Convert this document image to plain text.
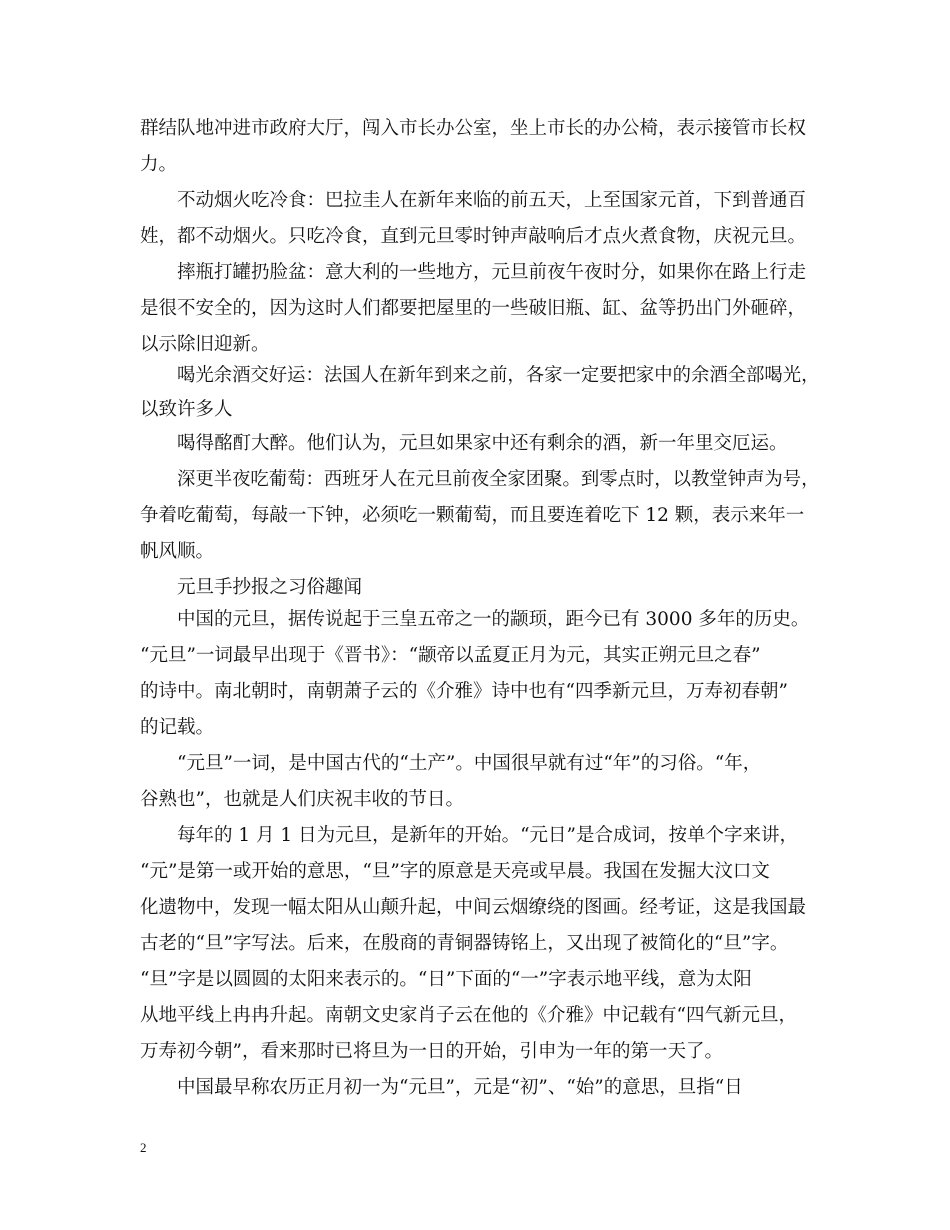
群结队地冲进市政府大厅，闯入市长办公室，坐上市长的办公椅，表示接管市长权
力。
不动烟火吃冷食：巴拉圭人在新年来临的前五天，上至国家元首，下到普通百
姓，都不动烟火。只吃冷食，直到元旦零时钟声敲响后才点火煮食物，庆祝元旦。
摔瓶打罐扔脸盆：意大利的一些地方，元旦前夜午夜时分，如果你在路上行走
是很不安全的，因为这时人们都要把屋里的一些破旧瓶、缸、盆等扔出门外砸碎，
以示除旧迎新。
喝光余酒交好运：法国人在新年到来之前，各家一定要把家中的余酒全部喝光，
以致许多人
喝得酩酊大醉。他们认为，元旦如果家中还有剩余的酒，新一年里交厄运。
深更半夜吃葡萄：西班牙人在元旦前夜全家团聚。到零点时，以教堂钟声为号，
争着吃葡萄，每敲一下钟，必须吃一颗葡萄，而且要连着吃下 12 颗，表示来年一
帆风顺。
元旦手抄报之习俗趣闻
中国的元旦，据传说起于三皇五帝之一的颛顼，距今已有 3000 多年的历史。
“元旦”一词最早出现于《晋书》：“颛帝以孟夏正月为元，其实正朔元旦之春”
的诗中。南北朝时，南朝萧子云的《介雅》诗中也有“四季新元旦，万寿初春朝”
的记载。
“元旦”一词，是中国古代的“土产”。中国很早就有过“年”的习俗。“年，
谷熟也”，也就是人们庆祝丰收的节日。
每年的 1 月 1 日为元旦，是新年的开始。“元日”是合成词，按单个字来讲，
“元”是第一或开始的意思，“旦”字的原意是天亮或早晨。我国在发掘大汶口文
化遗物中，发现一幅太阳从山颠升起，中间云烟缭绕的图画。经考证，这是我国最
古老的“旦”字写法。后来，在殷商的青铜器铸铭上，又出现了被简化的“旦”字。
“旦”字是以圆圆的太阳来表示的。“日”下面的“一”字表示地平线，意为太阳
从地平线上冉冉升起。南朝文史家肖子云在他的《介雅》中记载有“四气新元旦，
万寿初今朝”，看来那时已将旦为一日的开始，引申为一年的第一天了。
中国最早称农历正月初一为“元旦”，元是“初”、“始”的意思，旦指“日
2
